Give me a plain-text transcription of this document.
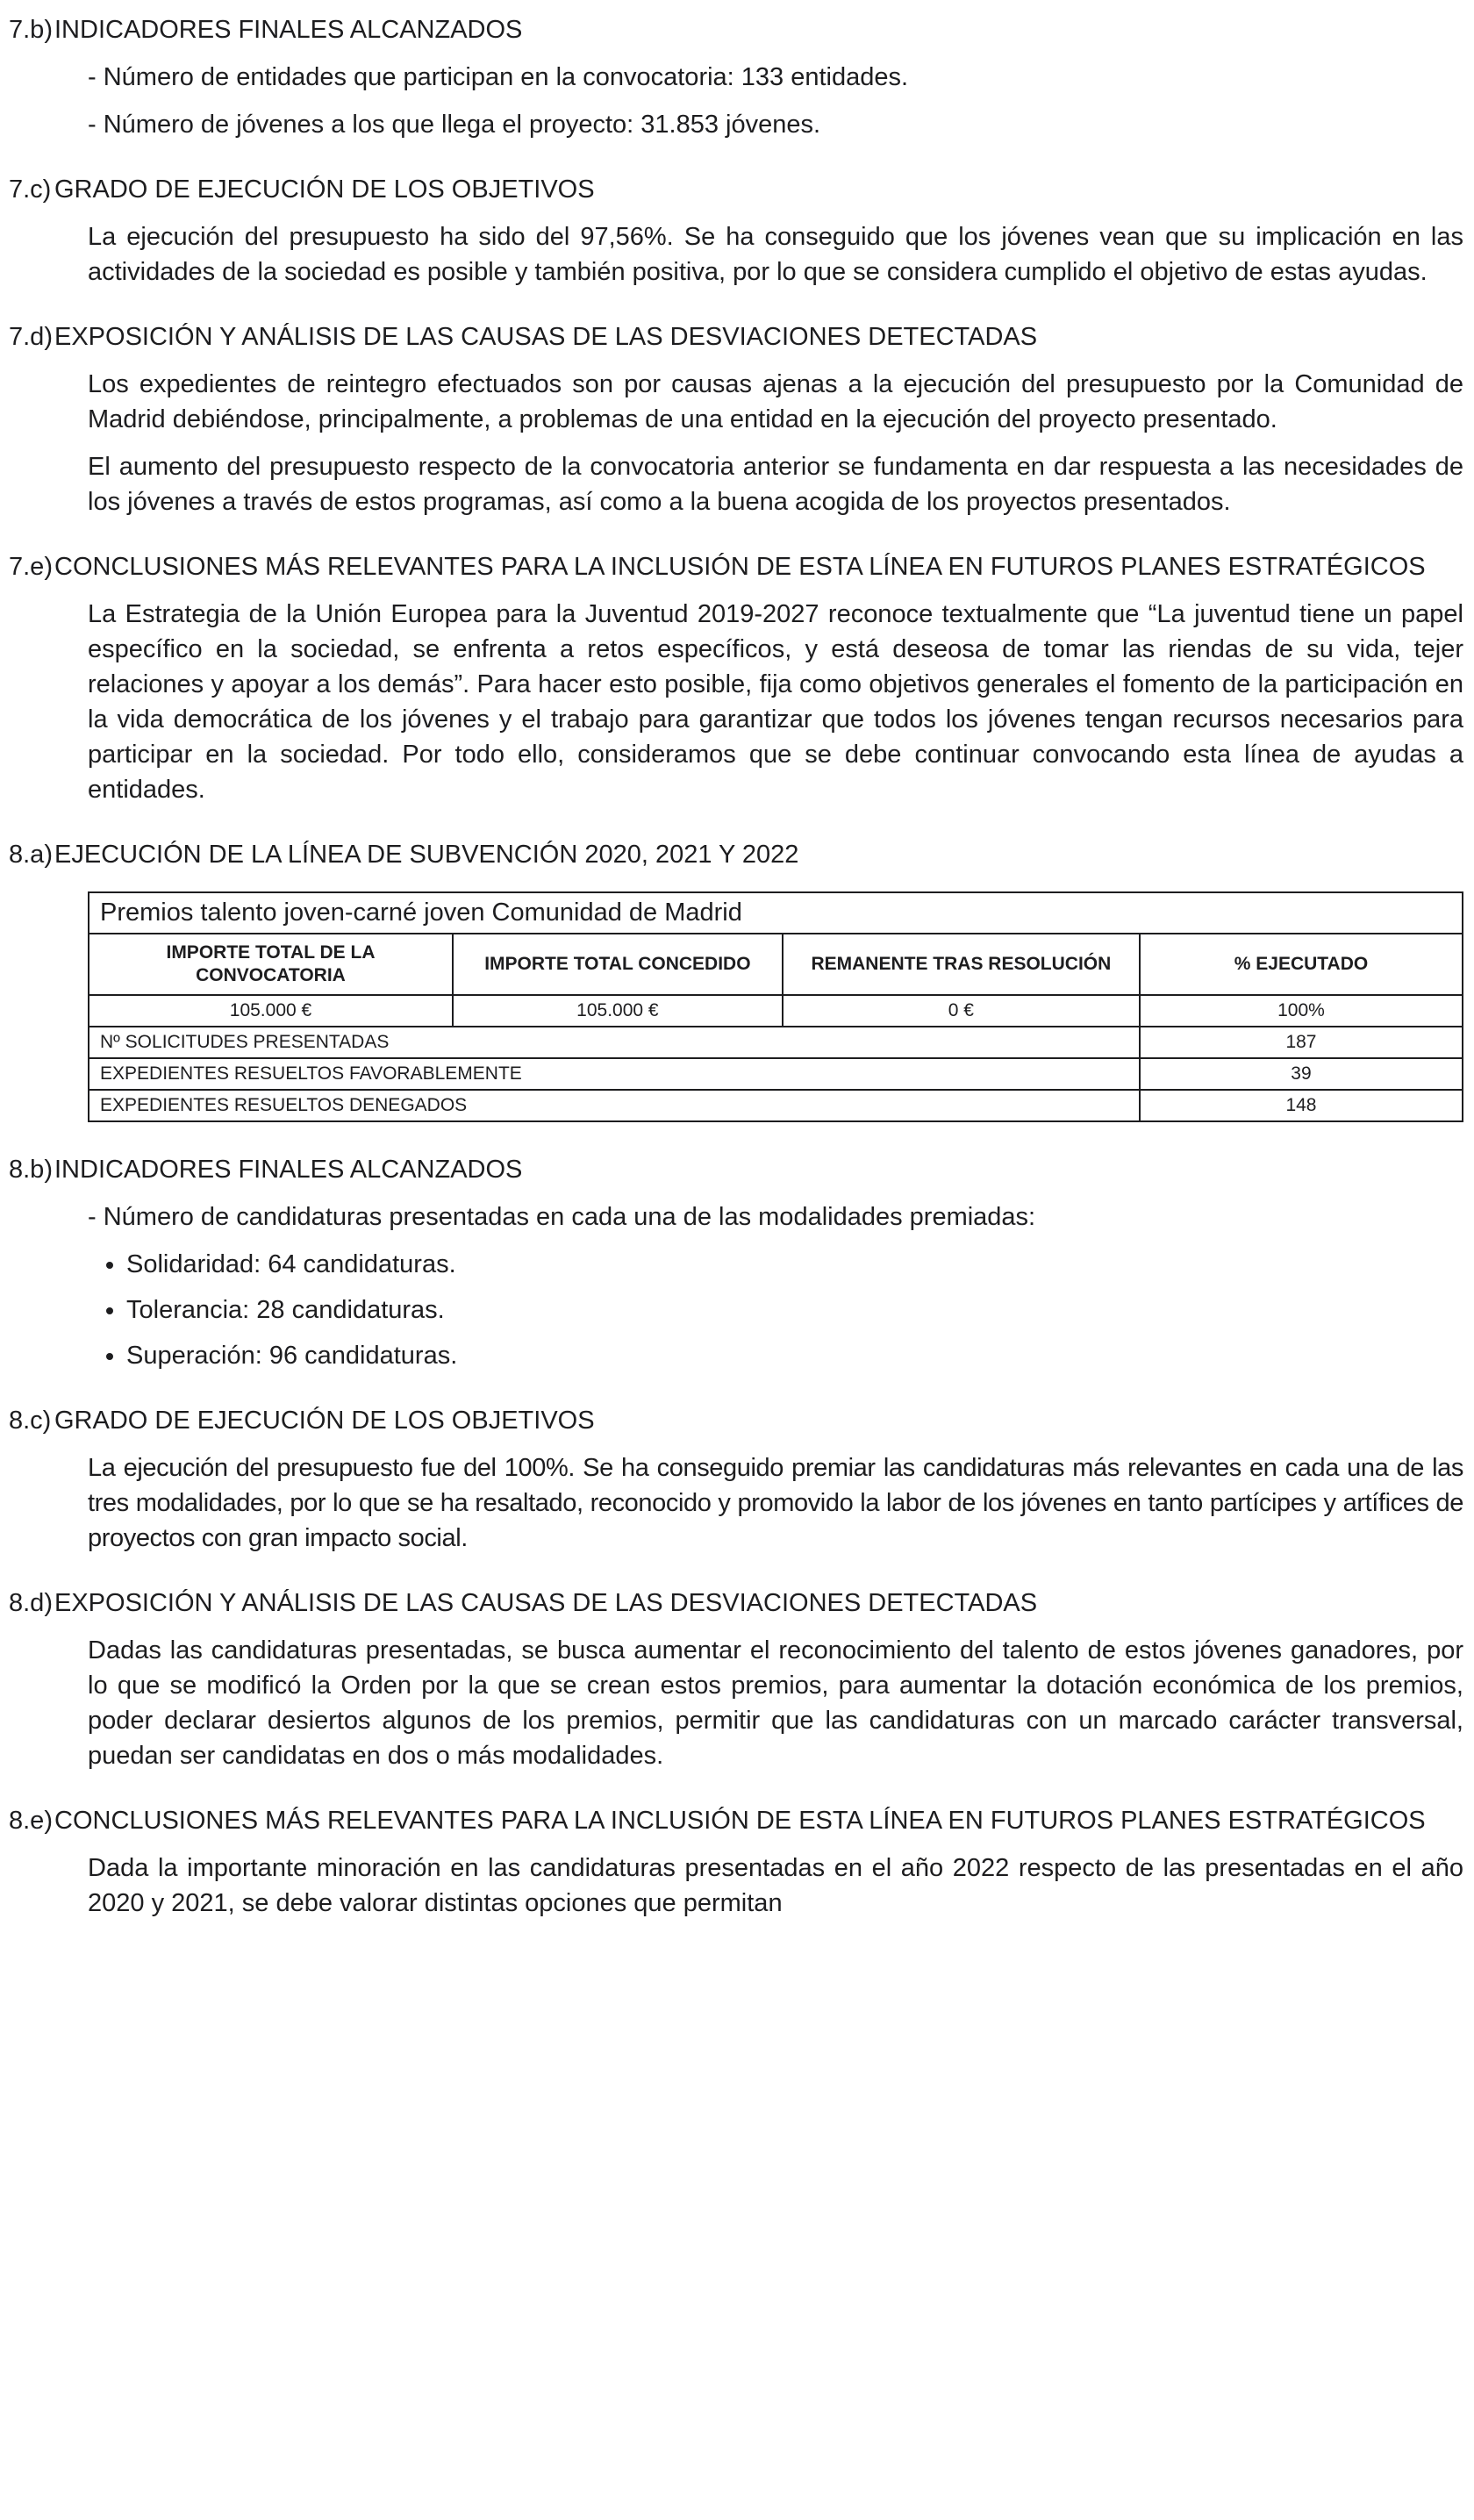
7.b) INDICADORES FINALES ALCANZADOS

- Número de entidades que participan en la convocatoria: 133 entidades.

- Número de jóvenes a los que llega el proyecto: 31.853 jóvenes.

7.c) GRADO DE EJECUCIÓN DE LOS OBJETIVOS

La ejecución del presupuesto ha sido del 97,56%. Se ha conseguido que los jóvenes vean que su implicación en las actividades de la sociedad es posible y también positiva, por lo que se considera cumplido el objetivo de estas ayudas.

7.d) EXPOSICIÓN Y ANÁLISIS DE LAS CAUSAS DE LAS DESVIACIONES DETECTADAS

Los expedientes de reintegro efectuados son por causas ajenas a la ejecución del presupuesto por la Comunidad de Madrid debiéndose, principalmente, a problemas de una entidad en la ejecución del proyecto presentado.

El aumento del presupuesto respecto de la convocatoria anterior se fundamenta en dar respuesta a las necesidades de los jóvenes a través de estos programas, así como a la buena acogida de los proyectos presentados.

7.e) CONCLUSIONES MÁS RELEVANTES PARA LA INCLUSIÓN DE ESTA LÍNEA EN FUTUROS PLANES ESTRATÉGICOS

La Estrategia de la Unión Europea para la Juventud 2019-2027 reconoce textualmente que “La juventud tiene un papel específico en la sociedad, se enfrenta a retos específicos, y está deseosa de tomar las riendas de su vida, tejer relaciones y apoyar a los demás”. Para hacer esto posible, fija como objetivos generales el fomento de la participación en la vida democrática de los jóvenes y el trabajo para garantizar que todos los jóvenes tengan recursos necesarios para participar en la sociedad. Por todo ello, consideramos que se debe continuar convocando esta línea de ayudas a entidades.

8.a) EJECUCIÓN DE LA LÍNEA DE SUBVENCIÓN 2020, 2021 Y 2022
Premios talento joven-carné joven Comunidad de Madrid			
IMPORTE TOTAL DE LA CONVOCATORIA	IMPORTE TOTAL CONCEDIDO	REMANENTE TRAS RESOLUCIÓN	% EJECUTADO
105.000 €	105.000 €	0 €	100%
Nº SOLICITUDES PRESENTADAS			187
EXPEDIENTES RESUELTOS FAVORABLEMENTE			39
EXPEDIENTES RESUELTOS DENEGADOS			148
8.b) INDICADORES FINALES ALCANZADOS

- Número de candidaturas presentadas en cada una de las modalidades premiadas:

• Solidaridad: 64 candidaturas.
• Tolerancia: 28 candidaturas.
• Superación: 96 candidaturas.
8.c) GRADO DE EJECUCIÓN DE LOS OBJETIVOS

La ejecución del presupuesto fue del 100%. Se ha conseguido premiar las candidaturas más relevantes en cada una de las tres modalidades, por lo que se ha resaltado, reconocido y promovido la labor de los jóvenes en tanto partícipes y artífices de proyectos con gran impacto social.

8.d) EXPOSICIÓN Y ANÁLISIS DE LAS CAUSAS DE LAS DESVIACIONES DETECTADAS

Dadas las candidaturas presentadas, se busca aumentar el reconocimiento del talento de estos jóvenes ganadores, por lo que se modificó la Orden por la que se crean estos premios, para aumentar la dotación económica de los premios, poder declarar desiertos algunos de los premios, permitir que las candidaturas con un marcado carácter transversal, puedan ser candidatas en dos o más modalidades.

8.e) CONCLUSIONES MÁS RELEVANTES PARA LA INCLUSIÓN DE ESTA LÍNEA EN FUTUROS PLANES ESTRATÉGICOS

Dada la importante minoración en las candidaturas presentadas en el año 2022 respecto de las presentadas en el año 2020 y 2021, se debe valorar distintas opciones que permitan
